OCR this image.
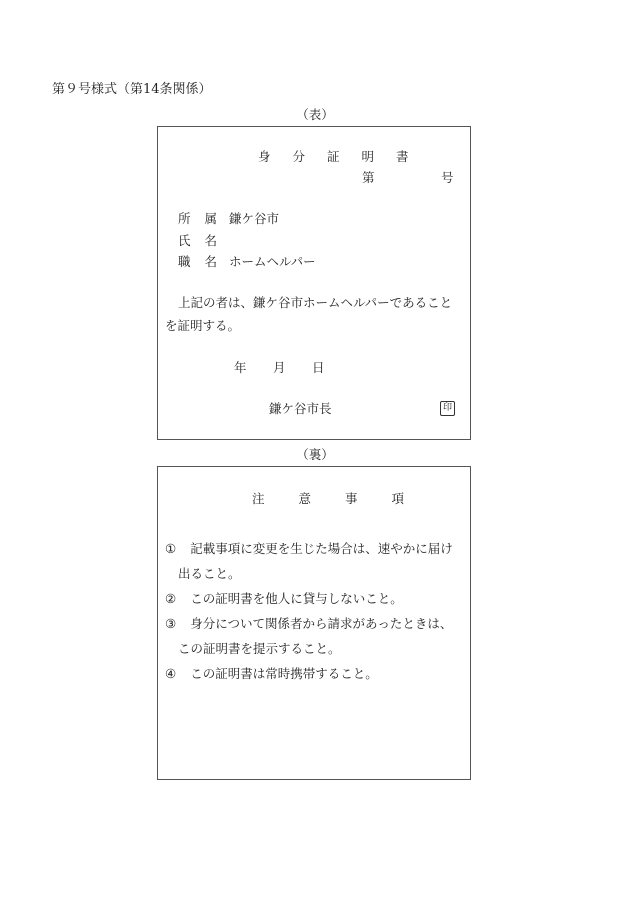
第９号様式（第14条関係）
（表）
身 分 証 明 書
第	号
所 属 鎌ケ谷市
氏 名
職 名 ホームヘルパー
上記の者は、鎌ケ谷市ホームヘルパーであること
を証明する。
年 月 日
鎌ケ谷市長	印
（裏）
注	意	事	項
① 記載事項に変更を生じた場合は、速やかに届け
出ること。
② この証明書を他人に貸与しないこと。
③ 身分について関係者から請求があったときは、
この証明書を提示すること。
④ この証明書は常時携帯すること。
